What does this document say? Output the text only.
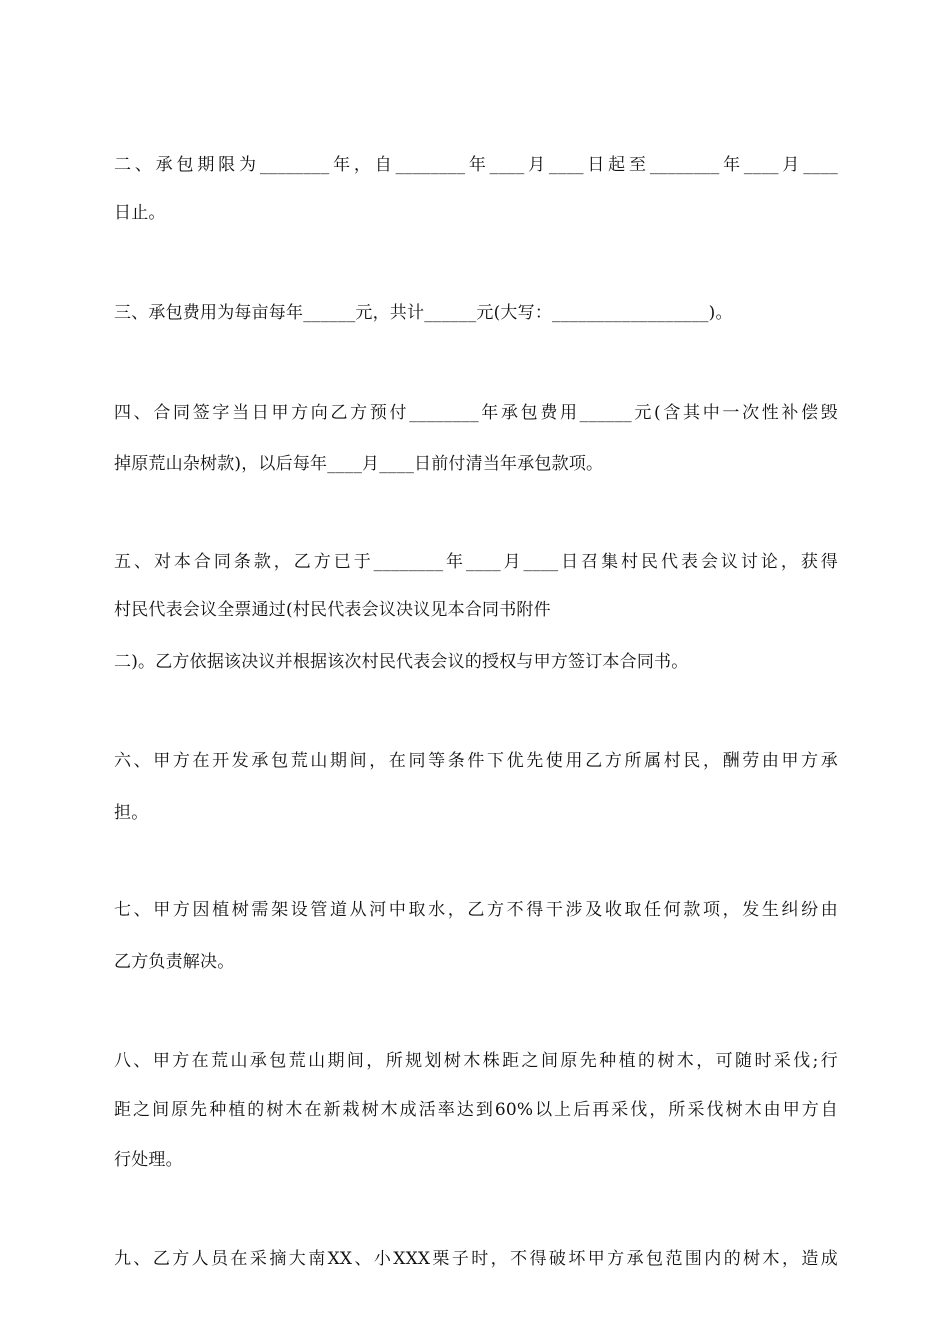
二、承包期限为________年，自________年____月____日起至________年____月____
日止。
三、承包费用为每亩每年______元，共计______元(大写：__________________)。
四、合同签字当日甲方向乙方预付________年承包费用______元(含其中一次性补偿毁
掉原荒山杂树款)，以后每年____月____日前付清当年承包款项。
五、对本合同条款，乙方已于________年____月____日召集村民代表会议讨论，获得
村民代表会议全票通过(村民代表会议决议见本合同书附件
二)。乙方依据该决议并根据该次村民代表会议的授权与甲方签订本合同书。
六、甲方在开发承包荒山期间，在同等条件下优先使用乙方所属村民，酬劳由甲方承
担。
七、甲方因植树需架设管道从河中取水，乙方不得干涉及收取任何款项，发生纠纷由
乙方负责解决。
八、甲方在荒山承包荒山期间，所规划树木株距之间原先种植的树木，可随时采伐;行
距之间原先种植的树木在新栽树木成活率达到60%以上后再采伐，所采伐树木由甲方自
行处理。
九、乙方人员在采摘大南XX、小XXX栗子时，不得破坏甲方承包范围内的树木，造成
